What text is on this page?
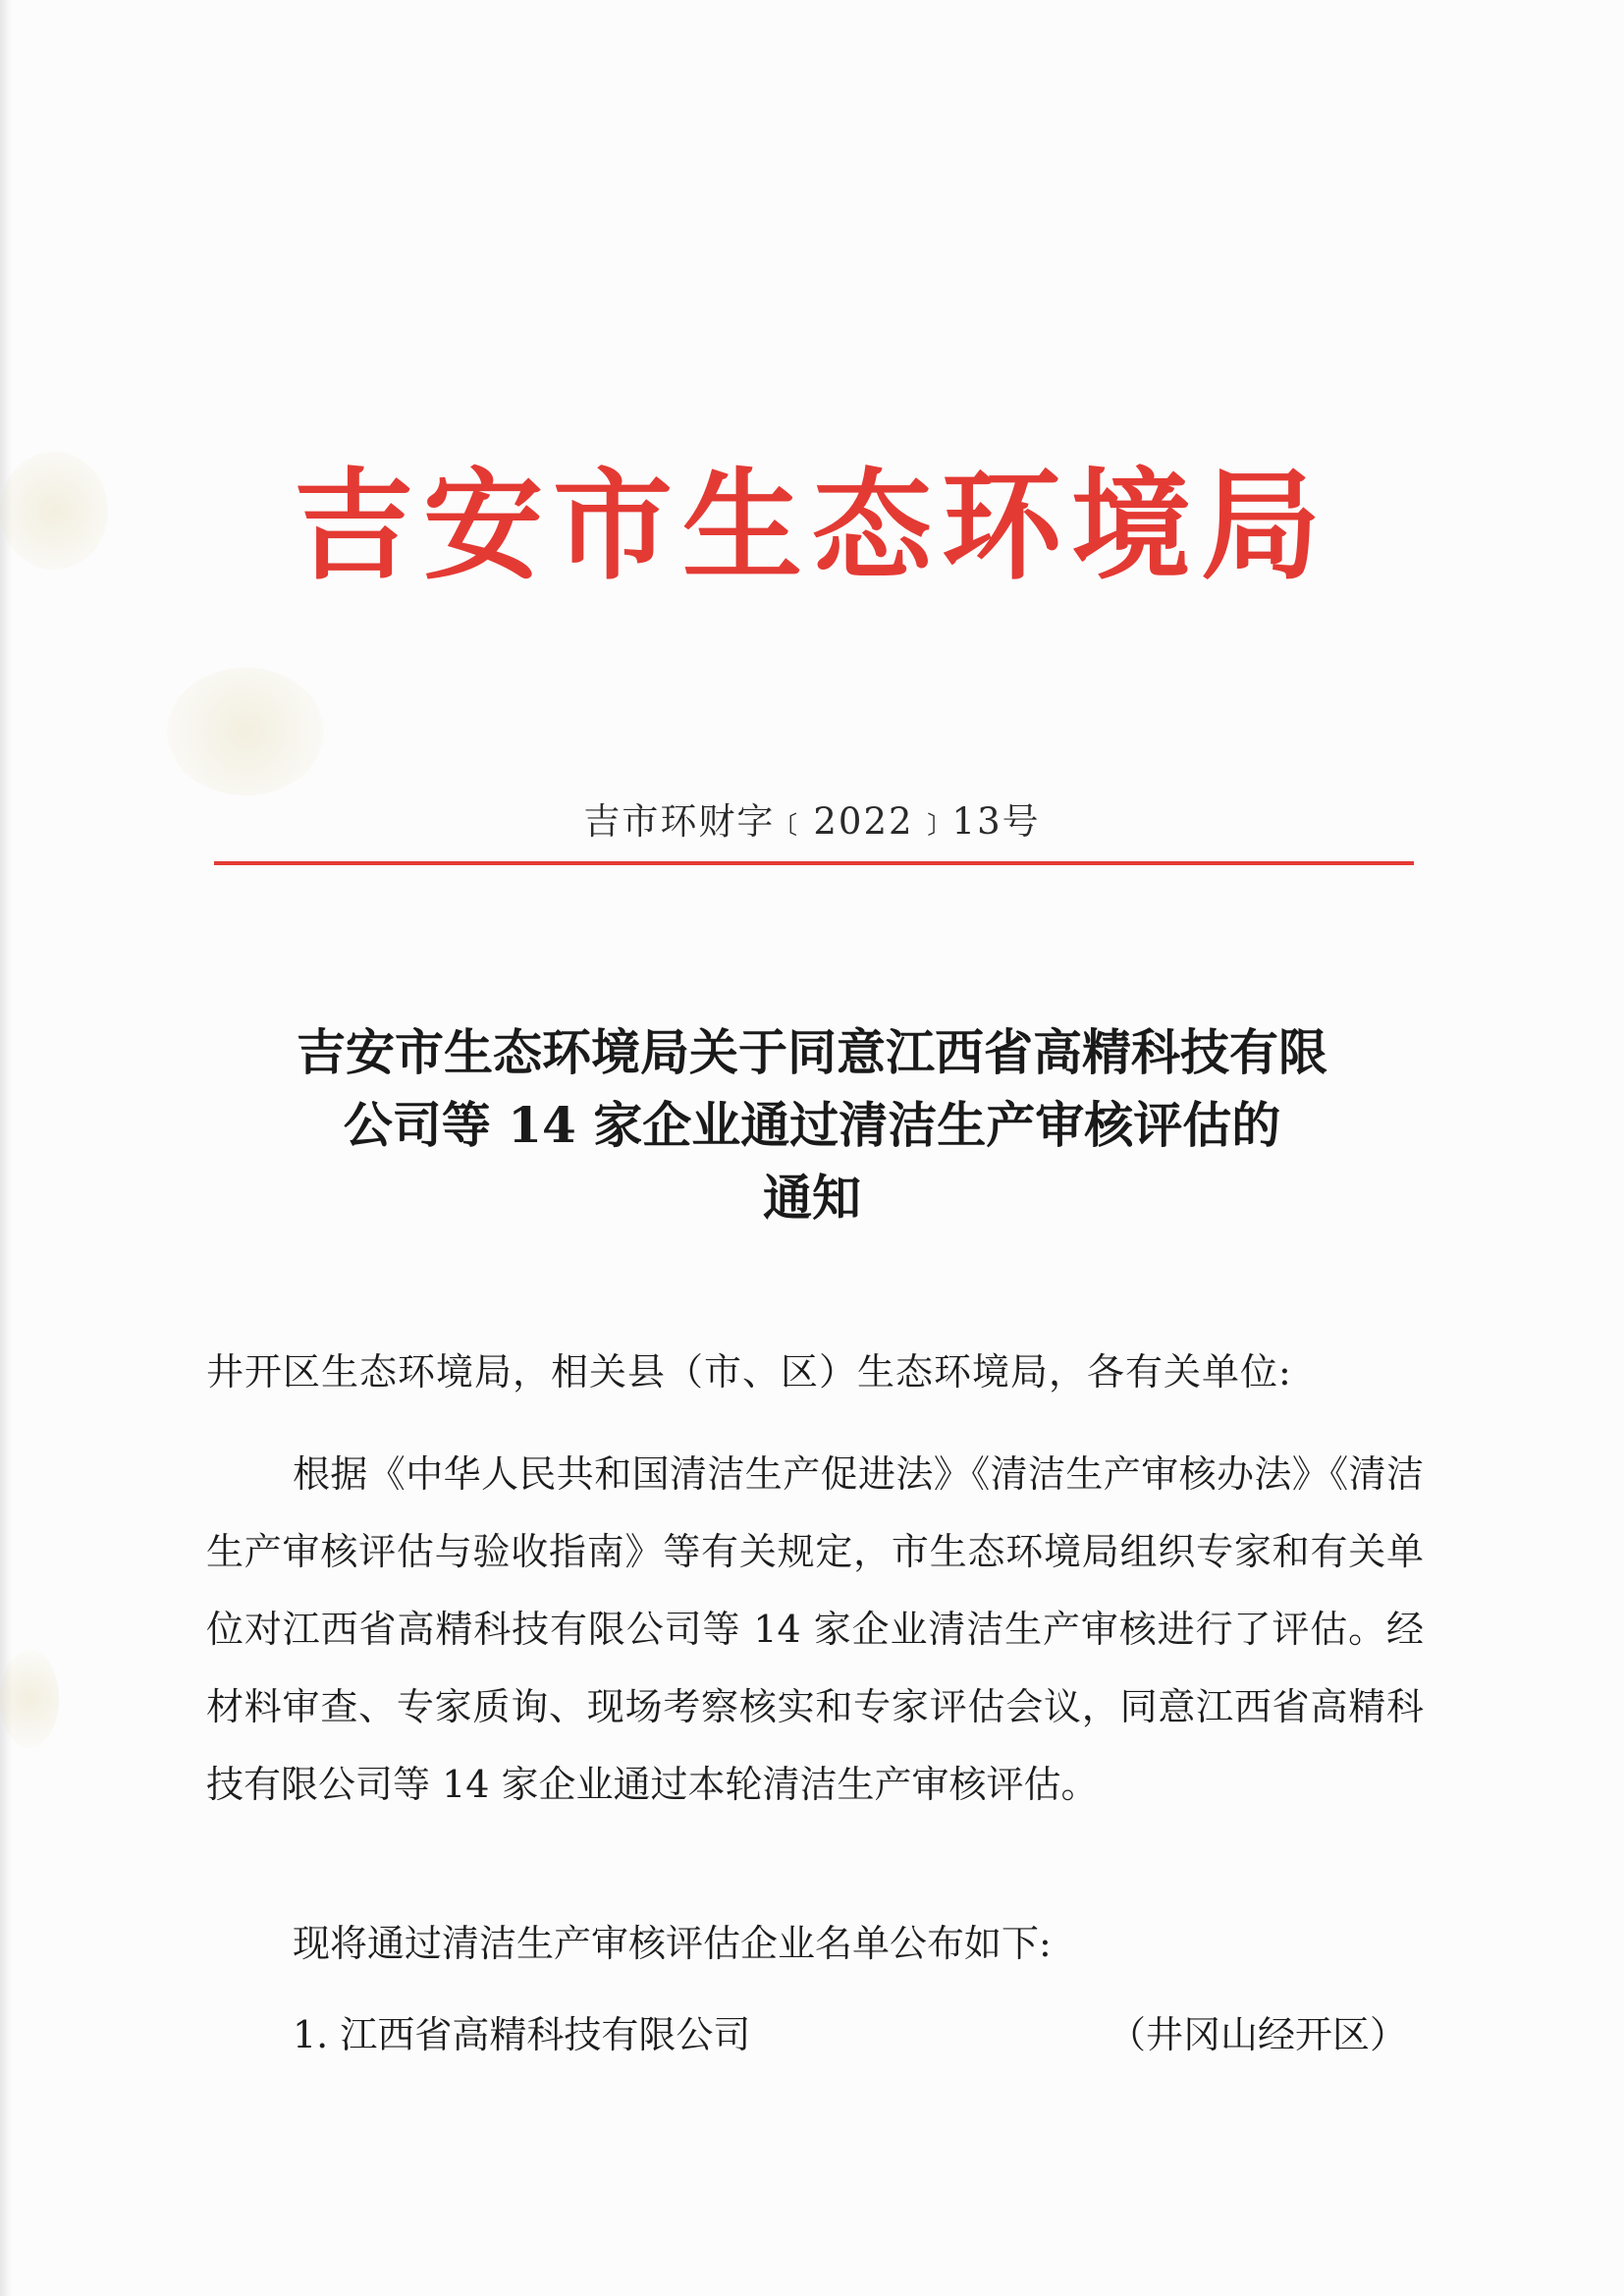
吉安市生态环境局
吉市环财字﹝2022﹞13号
吉安市生态环境局关于同意江西省高精科技有限
公司等 14 家企业通过清洁生产审核评估的
通知
井开区生态环境局，相关县（市、区）生态环境局，各有关单位:

根据《中华人民共和国清洁生产促进法》《清洁生产审核办法》《清洁生产审核评估与验收指南》等有关规定，市生态环境局组织专家和有关单位对江西省高精科技有限公司等 14 家企业清洁生产审核进行了评估。经材料审查、专家质询、现场考察核实和专家评估会议，同意江西省高精科技有限公司等 14 家企业通过本轮清洁生产审核评估。

现将通过清洁生产审核评估企业名单公布如下:

1. 江西省高精科技有限公司	（井冈山经开区）
